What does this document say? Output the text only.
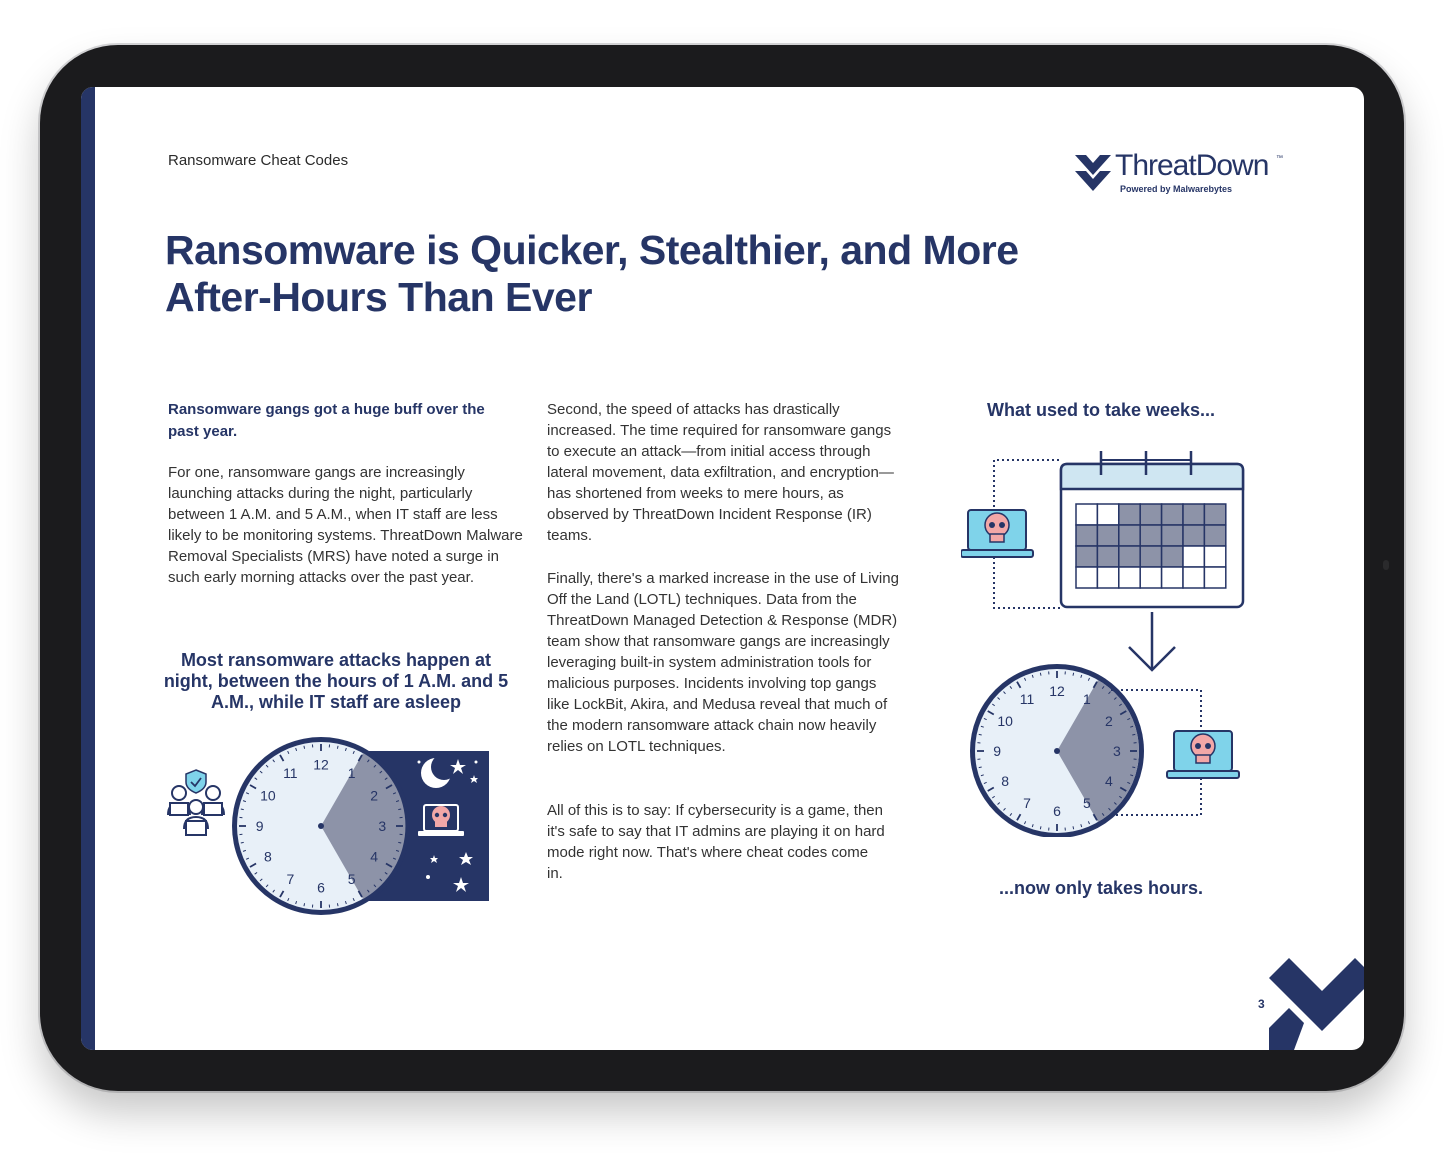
Ransomware Cheat Codes	ThreatDown ™
Powered by Malwarebytes
Ransomware is Quicker, Stealthier, and More After-Hours Than Ever
Ransomware gangs got a huge buff over the past year.
For one, ransomware gangs are increasingly launching attacks during the night, particularly between 1 A.M. and 5 A.M., when IT staff are less likely to be monitoring systems. ThreatDown Malware Removal Specialists (MRS) have noted a surge in such early morning attacks over the past year.
Most ransomware attacks happen at night, between the hours of 1 A.M. and 5 A.M., while IT staff are asleep
12
1
2
3
4
5
6
7
8
9
10
11
Second, the speed of attacks has drastically increased. The time required for ransomware gangs to execute an attack—from initial access through lateral movement, data exfiltration, and encryption—has shortened from weeks to mere hours, as observed by ThreatDown Incident Response (IR) teams.
Finally, there's a marked increase in the use of Living Off the Land (LOTL) techniques. Data from the ThreatDown Managed Detection & Response (MDR) team show that ransomware gangs are increasingly leveraging built-in system administration tools for malicious purposes. Incidents involving top gangs like LockBit, Akira, and Medusa reveal that much of the modern ransomware attack chain now heavily relies on LOTL techniques.
All of this is to say: If cybersecurity is a game, then it's safe to say that IT admins are playing it on hard mode right now. That's where cheat codes come in.
What used to take weeks...
12
1
2
3
4
5
6
7
8
9
10
11
...now only takes hours.
3
